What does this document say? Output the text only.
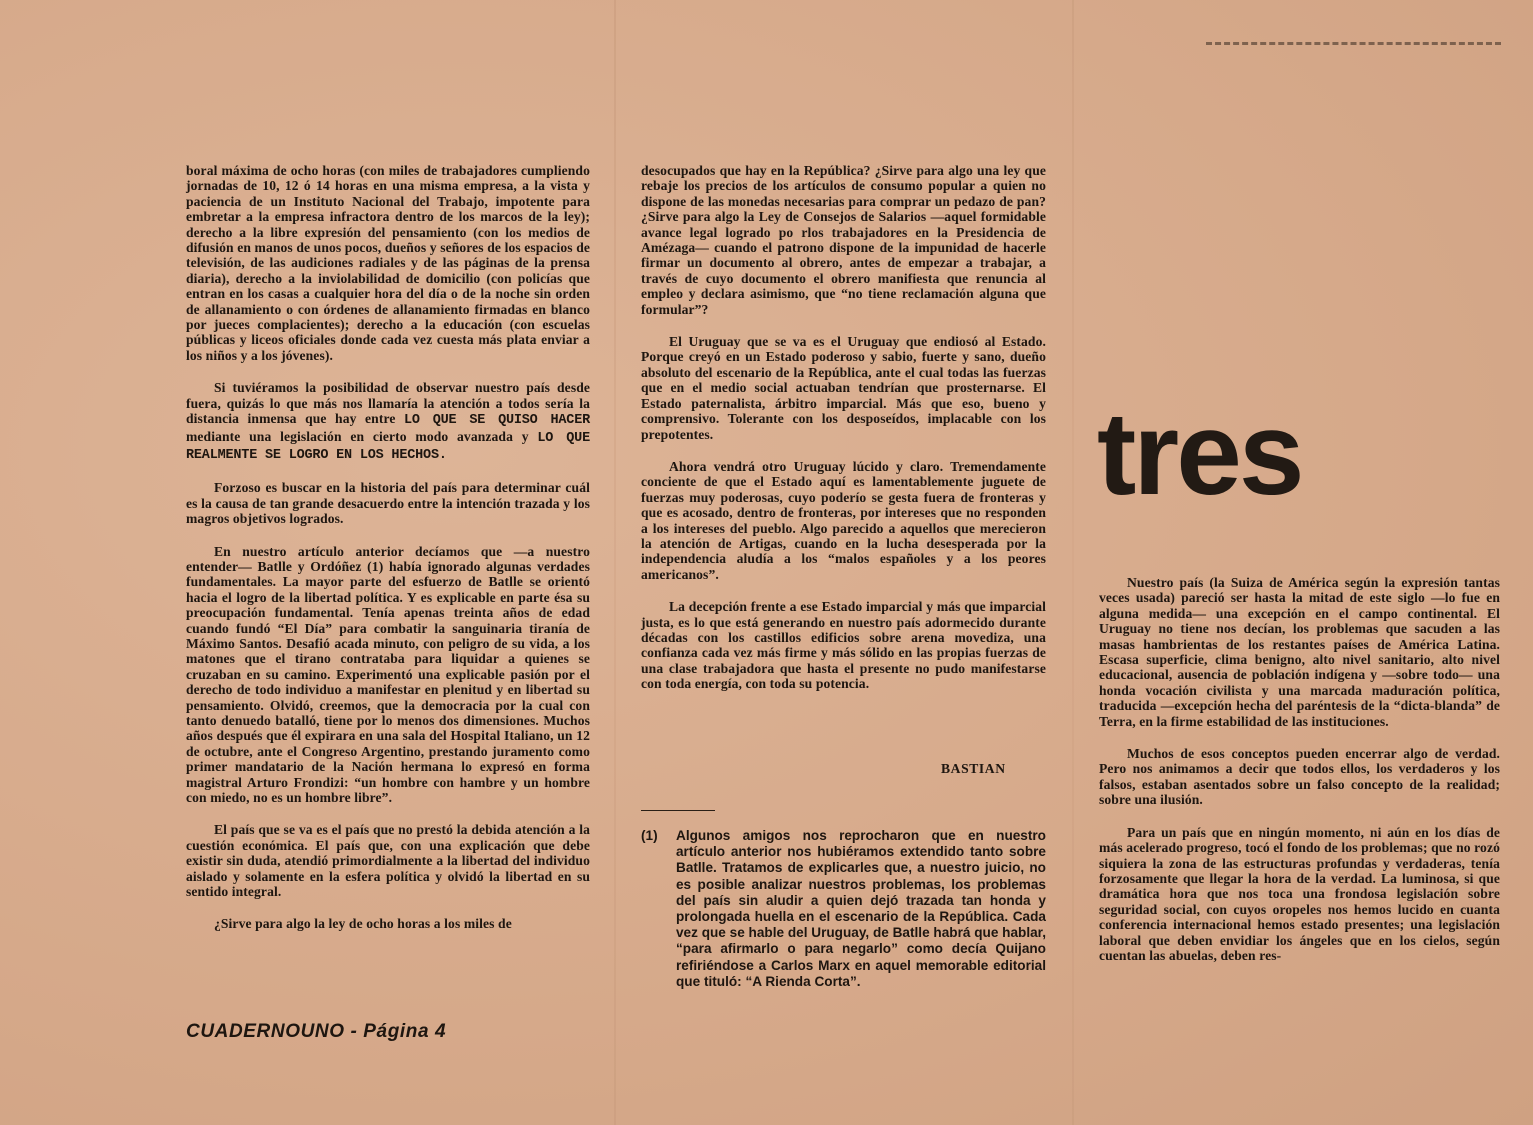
boral máxima de ocho horas (con miles de trabajadores cumpliendo jornadas de 10, 12 ó 14 horas en una misma empresa, a la vista y paciencia de un Instituto Nacional del Trabajo, impotente para embretar a la empresa infractora dentro de los marcos de la ley); derecho a la libre expresión del pensamiento (con los medios de difusión en manos de unos pocos, dueños y señores de los espacios de televisión, de las audiciones radiales y de las páginas de la prensa diaria), derecho a la inviolabilidad de domicilio (con policías que entran en los casas a cualquier hora del día o de la noche sin orden de allanamiento o con órdenes de allanamiento firmadas en blanco por jueces complacientes); derecho a la educación (con escuelas públicas y liceos oficiales donde cada vez cuesta más plata enviar a los niños y a los jóvenes).

Si tuviéramos la posibilidad de observar nuestro país desde fuera, quizás lo que más nos llamaría la atención a todos sería la distancia inmensa que hay entre LO QUE SE QUISO HACER mediante una legislación en cierto modo avanzada y LO QUE REALMENTE SE LOGRO EN LOS HECHOS.

Forzoso es buscar en la historia del país para determinar cuál es la causa de tan grande desacuerdo entre la intención trazada y los magros objetivos logrados.

En nuestro artículo anterior decíamos que —a nuestro entender— Batlle y Ordóñez (1) había ignorado algunas verdades fundamentales. La mayor parte del esfuerzo de Batlle se orientó hacia el logro de la libertad política. Y es explicable en parte ésa su preocupación fundamental. Tenía apenas treinta años de edad cuando fundó “El Día” para combatir la sanguinaria tiranía de Máximo Santos. Desafió acada minuto, con peligro de su vida, a los matones que el tirano contrataba para liquidar a quienes se cruzaban en su camino. Experimentó una explicable pasión por el derecho de todo individuo a manifestar en plenitud y en libertad su pensamiento. Olvidó, creemos, que la democracia por la cual con tanto denuedo batalló, tiene por lo menos dos dimensiones. Muchos años después que él expirara en una sala del Hospital Italiano, un 12 de octubre, ante el Congreso Argentino, prestando juramento como primer mandatario de la Nación hermana lo expresó en forma magistral Arturo Frondizi: “un hombre con hambre y un hombre con miedo, no es un hombre libre”.

El país que se va es el país que no prestó la debida atención a la cuestión económica. El país que, con una explicación que debe existir sin duda, atendió primordialmente a la libertad del individuo aislado y solamente en la esfera política y olvidó la libertad en su sentido integral.

¿Sirve para algo la ley de ocho horas a los miles de

CUADERNOUNO - Página 4

desocupados que hay en la República? ¿Sirve para algo una ley que rebaje los precios de los artículos de consumo popular a quien no dispone de las monedas necesarias para comprar un pedazo de pan? ¿Sirve para algo la Ley de Consejos de Salarios —aquel formidable avance legal logrado po rlos trabajadores en la Presidencia de Amézaga— cuando el patrono dispone de la impunidad de hacerle firmar un documento al obrero, antes de empezar a trabajar, a través de cuyo documento el obrero manifiesta que renuncia al empleo y declara asimismo, que “no tiene reclamación alguna que formular”?

El Uruguay que se va es el Uruguay que endiosó al Estado. Porque creyó en un Estado poderoso y sabio, fuerte y sano, dueño absoluto del escenario de la República, ante el cual todas las fuerzas que en el medio social actuaban tendrían que prosternarse. El Estado paternalista, árbitro imparcial. Más que eso, bueno y comprensivo. Tolerante con los desposeídos, implacable con los prepotentes.

Ahora vendrá otro Uruguay lúcido y claro. Tremendamente conciente de que el Estado aquí es lamentablemente juguete de fuerzas muy poderosas, cuyo poderío se gesta fuera de fronteras y que es acosado, dentro de fronteras, por intereses que no responden a los intereses del pueblo. Algo parecido a aquellos que merecieron la atención de Artigas, cuando en la lucha desesperada por la independencia aludía a los “malos españoles y a los peores americanos”.

La decepción frente a ese Estado imparcial y más que imparcial justa, es lo que está generando en nuestro país adormecido durante décadas con los castillos edificios sobre arena movediza, una confianza cada vez más firme y más sólido en las propias fuerzas de una clase trabajadora que hasta el presente no pudo manifestarse con toda energía, con toda su potencia.

BASTIAN
(1) Algunos amigos nos reprocharon que en nuestro artículo anterior nos hubiéramos extendido tanto sobre Batlle. Tratamos de explicarles que, a nuestro juicio, no es posible analizar nuestros problemas, los problemas del país sin aludir a quien dejó trazada tan honda y prolongada huella en el escenario de la República. Cada vez que se hable del Uruguay, de Batlle habrá que hablar, “para afirmarlo o para negarlo” como decía Quijano refiriéndose a Carlos Marx en aquel memorable editorial que tituló: “A Rienda Corta”.
tres

Nuestro país (la Suiza de América según la expresión tantas veces usada) pareció ser hasta la mitad de este siglo —lo fue en alguna medida— una excepción en el campo continental. El Uruguay no tiene nos decían, los problemas que sacuden a las masas hambrientas de los restantes países de América Latina. Escasa superficie, clima benigno, alto nivel sanitario, alto nivel educacional, ausencia de población indígena y —sobre todo— una honda vocación civilista y una marcada maduración política, traducida —excepción hecha del paréntesis de la “dicta-blanda” de Terra, en la firme estabilidad de las instituciones.

Muchos de esos conceptos pueden encerrar algo de verdad. Pero nos animamos a decir que todos ellos, los verdaderos y los falsos, estaban asentados sobre un falso concepto de la realidad; sobre una ilusión.

Para un país que en ningún momento, ni aún en los días de más acelerado progreso, tocó el fondo de los problemas; que no rozó siquiera la zona de las estructuras profundas y verdaderas, tenía forzosamente que llegar la hora de la verdad. La luminosa, si que dramática hora que nos toca una frondosa legislación sobre seguridad social, con cuyos oropeles nos hemos lucido en cuanta conferencia internacional hemos estado presentes; una legislación laboral que deben envidiar los ángeles que en los cielos, según cuentan las abuelas, deben res-
